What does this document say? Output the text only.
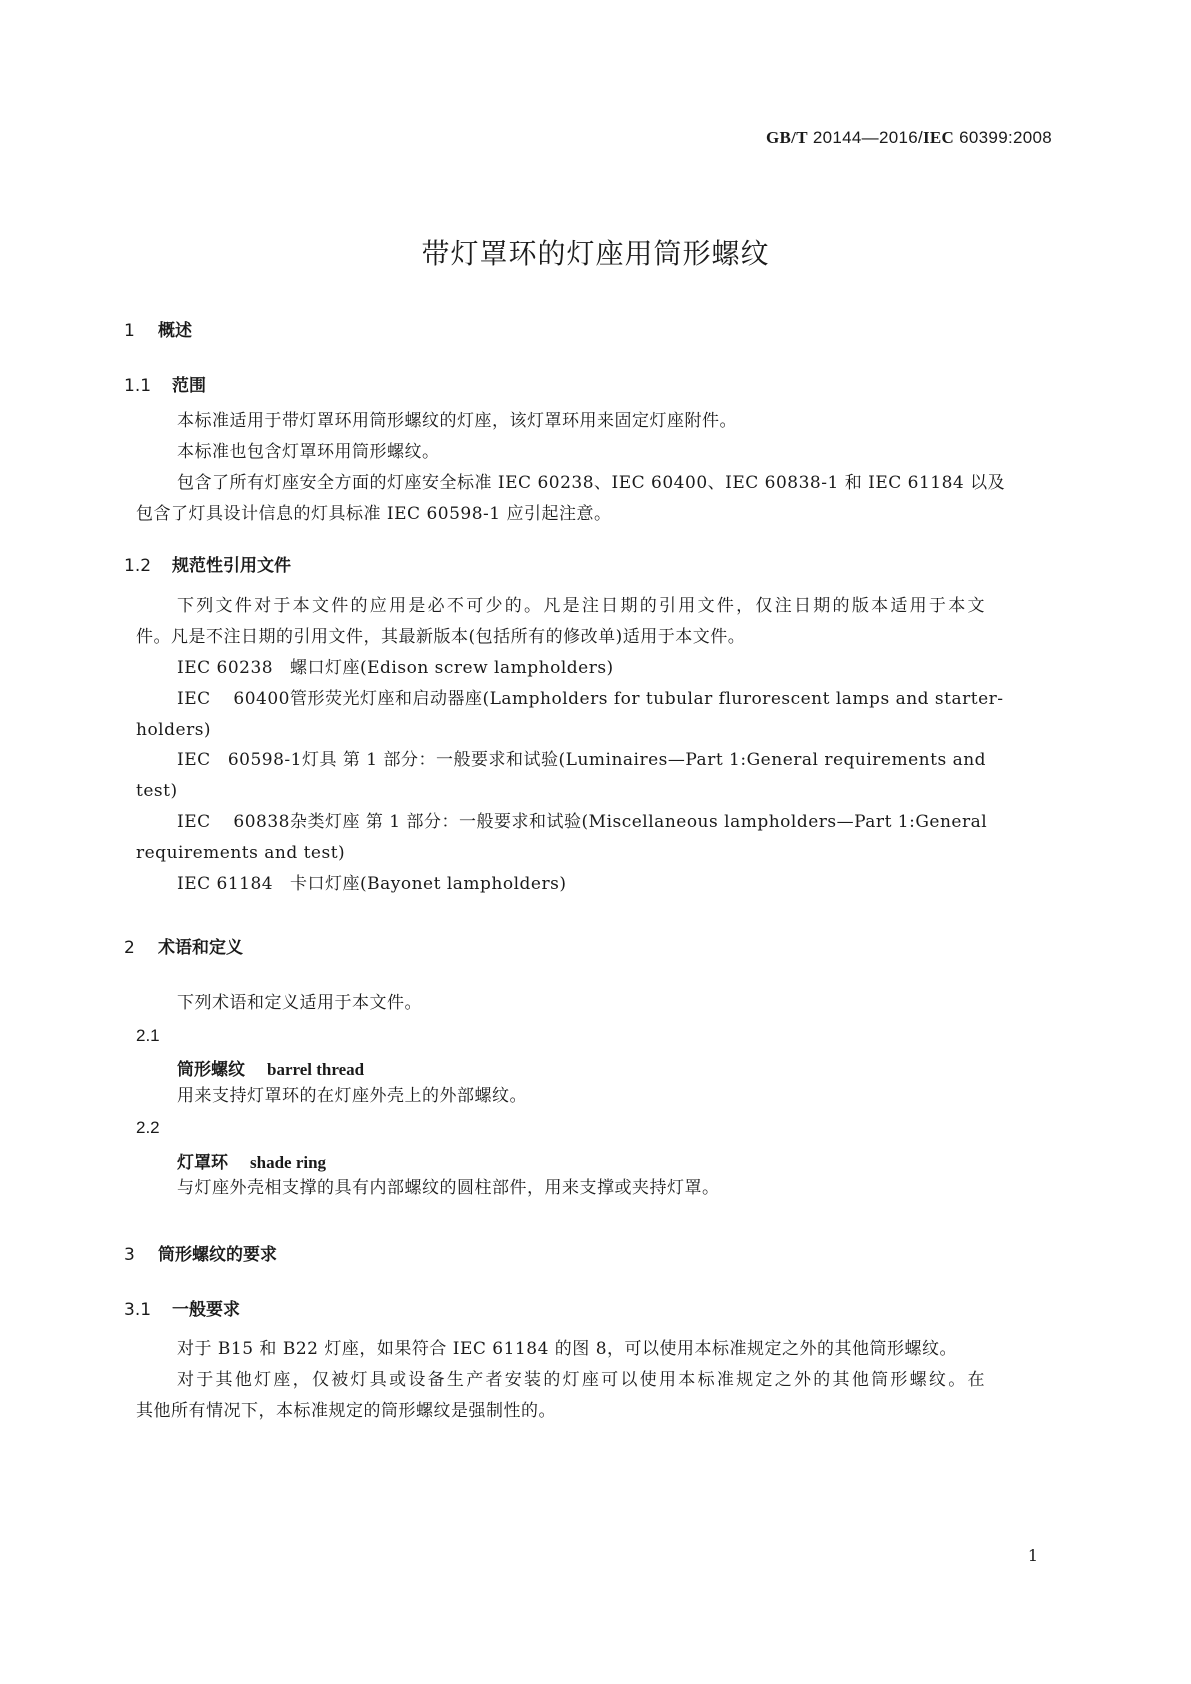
GB/T 20144—2016/IEC 60399:2008
带灯罩环的灯座用筒形螺纹
1 概述
1.1 范围
本标准适用于带灯罩环用筒形螺纹的灯座，该灯罩环用来固定灯座附件。
本标准也包含灯罩环用筒形螺纹。
包含了所有灯座安全方面的灯座安全标准 IEC 60238、IEC 60400、IEC 60838-1 和 IEC 61184 以及
包含了灯具设计信息的灯具标准 IEC 60598-1 应引起注意。
1.2 规范性引用文件
下列文件对于本文件的应用是必不可少的。凡是注日期的引用文件，仅注日期的版本适用于本文
件。凡是不注日期的引用文件，其最新版本(包括所有的修改单)适用于本文件。
IEC 60238 螺口灯座(Edison screw lampholders)
IEC 60400管形荧光灯座和启动器座(Lampholders for tubular flurorescent lamps and starter-
holders)
IEC 60598-1灯具 第 1 部分：一般要求和试验(Luminaires—Part 1:General requirements and
test)
IEC 60838杂类灯座 第 1 部分：一般要求和试验(Miscellaneous lampholders—Part 1:General
requirements and test)
IEC 61184 卡口灯座(Bayonet lampholders)
2 术语和定义
下列术语和定义适用于本文件。
2.1
筒形螺纹 barrel thread
用来支持灯罩环的在灯座外壳上的外部螺纹。
2.2
灯罩环 shade ring
与灯座外壳相支撑的具有内部螺纹的圆柱部件，用来支撑或夹持灯罩。
3 筒形螺纹的要求
3.1 一般要求
对于 B15 和 B22 灯座，如果符合 IEC 61184 的图 8，可以使用本标准规定之外的其他筒形螺纹。
对于其他灯座，仅被灯具或设备生产者安装的灯座可以使用本标准规定之外的其他筒形螺纹。在
其他所有情况下，本标准规定的筒形螺纹是强制性的。
1
